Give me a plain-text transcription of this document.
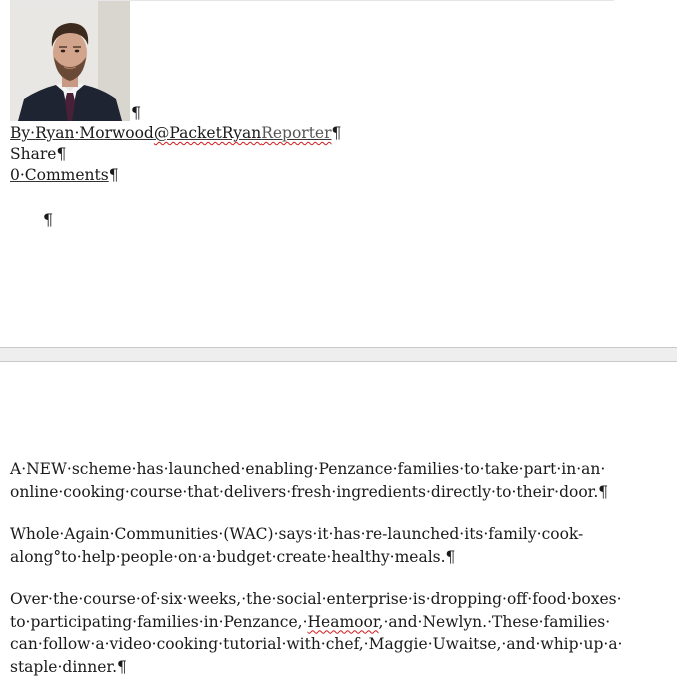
¶
By·Ryan·Morwood@PacketRyanReporter¶
Share¶
0·Comments¶
¶

A·NEW·scheme·has·launched·enabling·Penzance·families·to·take·part·in·an· online·cooking·course·that·delivers·fresh·ingredients·directly·to·their·door.¶

Whole·Again·Communities·(WAC)·says·it·has·re-launched·its·family·cook-along°to·help·people·on·a·budget·create·healthy·meals.¶

Over·the·course·of·six·weeks,·the·social·enterprise·is·dropping·off·food·boxes· to·participating·families·in·Penzance,·Heamoor,·and·Newlyn.·These·families· can·follow·a·video·cooking·tutorial·with·chef,·Maggie·Uwaitse,·and·whip·up·a· staple·dinner.¶
